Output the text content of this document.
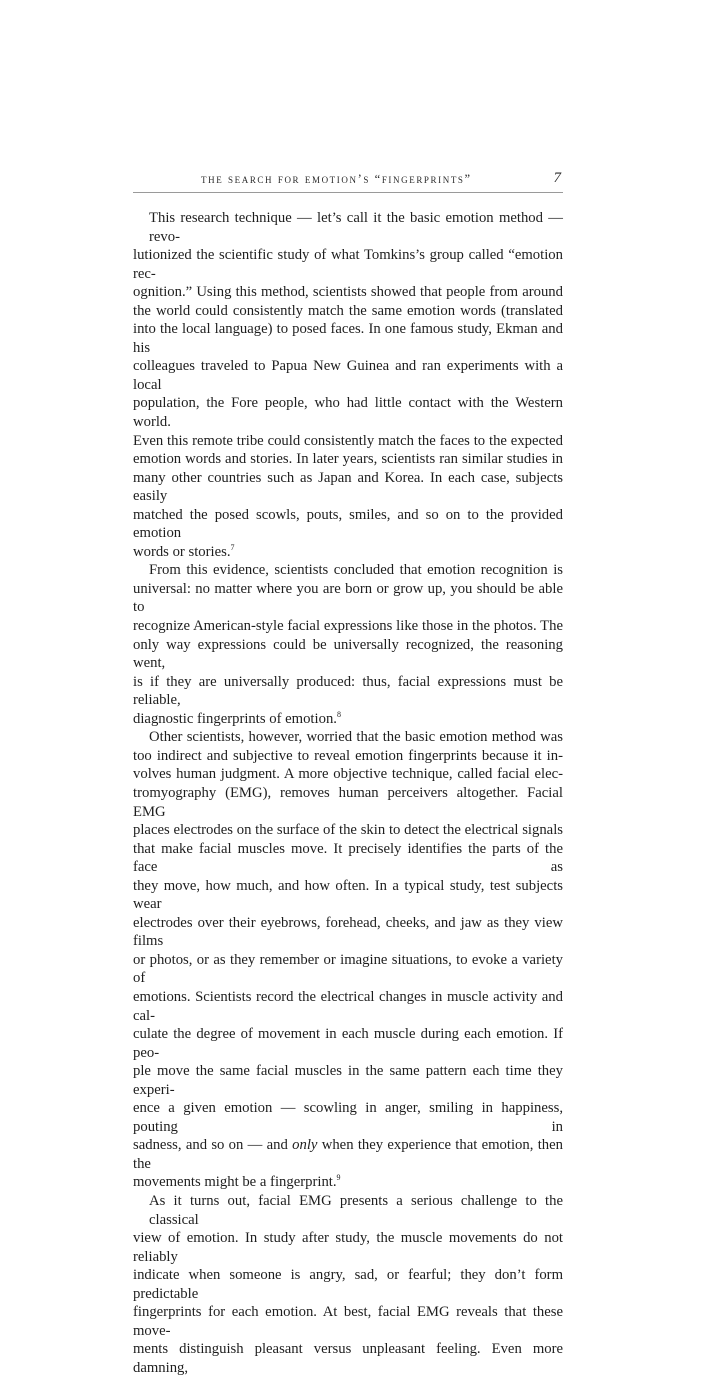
the search for emotion’s “fingerprints”	7

This research technique — let’s call it the basic emotion method — revo-
lutionized the scientific study of what Tomkins’s group called “emotion rec-
ognition.” Using this method, scientists showed that people from around
the world could consistently match the same emotion words (translated
into the local language) to posed faces. In one famous study, Ekman and his
colleagues traveled to Papua New Guinea and ran experiments with a local
population, the Fore people, who had little contact with the Western world.
Even this remote tribe could consistently match the faces to the expected
emotion words and stories. In later years, scientists ran similar studies in
many other countries such as Japan and Korea. In each case, subjects easily
matched the posed scowls, pouts, smiles, and so on to the provided emotion
words or stories.$^7$

From this evidence, scientists concluded that emotion recognition is
universal: no matter where you are born or grow up, you should be able to
recognize American-style facial expressions like those in the photos. The
only way expressions could be universally recognized, the reasoning went,
is if they are universally produced: thus, facial expressions must be reliable,
diagnostic fingerprints of emotion.$^8$

Other scientists, however, worried that the basic emotion method was
too indirect and subjective to reveal emotion fingerprints because it in-
volves human judgment. A more objective technique, called facial elec-
tromyography (EMG), removes human perceivers altogether. Facial EMG
places electrodes on the surface of the skin to detect the electrical signals
that make facial muscles move. It precisely identifies the parts of the face as
they move, how much, and how often. In a typical study, test subjects wear
electrodes over their eyebrows, forehead, cheeks, and jaw as they view films
or photos, or as they remember or imagine situations, to evoke a variety of
emotions. Scientists record the electrical changes in muscle activity and cal-
culate the degree of movement in each muscle during each emotion. If peo-
ple move the same facial muscles in the same pattern each time they experi-
ence a given emotion — scowling in anger, smiling in happiness, pouting in
sadness, and so on — and only when they experience that emotion, then the
movements might be a fingerprint.$^9$

As it turns out, facial EMG presents a serious challenge to the classical
view of emotion. In study after study, the muscle movements do not reliably
indicate when someone is angry, sad, or fearful; they don’t form predictable
fingerprints for each emotion. At best, facial EMG reveals that these move-
ments distinguish pleasant versus unpleasant feeling. Even more damning,
